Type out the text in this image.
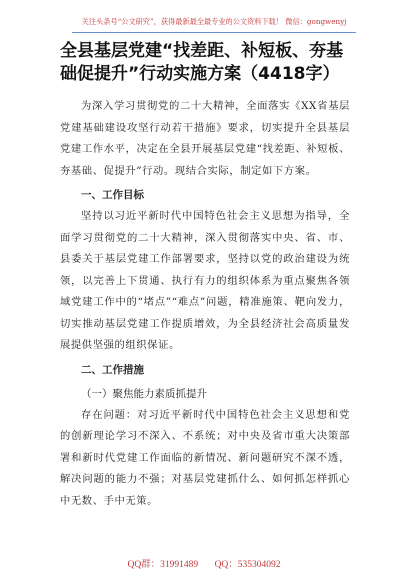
关注头条号“公文研究”，获得最新最全最专业的公文资料下载！ 微信：gongwenyj
全县基层党建“找差距、补短板、夯基础促提升”行动实施方案（4418字）

为深入学习贯彻党的二十大精神，全面落实《XX省基层党建基础建设攻坚行动若干措施》要求，切实提升全县基层党建工作水平，决定在全县开展基层党建“找差距、补短板、夯基础、促提升”行动。现结合实际，制定如下方案。

一、工作目标

坚持以习近平新时代中国特色社会主义思想为指导，全面学习贯彻党的二十大精神，深入贯彻落实中央、省、市、县委关于基层党建工作部署要求，坚持以党的政治建设为统领，以完善上下贯通、执行有力的组织体系为重点聚焦各领域党建工作中的“堵点”“难点”问题，精准施策、靶向发力，切实推动基层党建工作提质增效，为全县经济社会高质量发展提供坚强的组织保证。

二、工作措施
（一）聚焦能力素质抓提升

存在问题：对习近平新时代中国特色社会主义思想和党的创新理论学习不深入、不系统；对中央及省市重大决策部署和新时代党建工作面临的新情况、新问题研究不深不透，解决问题的能力不强；对基层党建抓什么、如何抓怎样抓心中无数、手中无策。

QQ群：31991489 QQ：535304092
